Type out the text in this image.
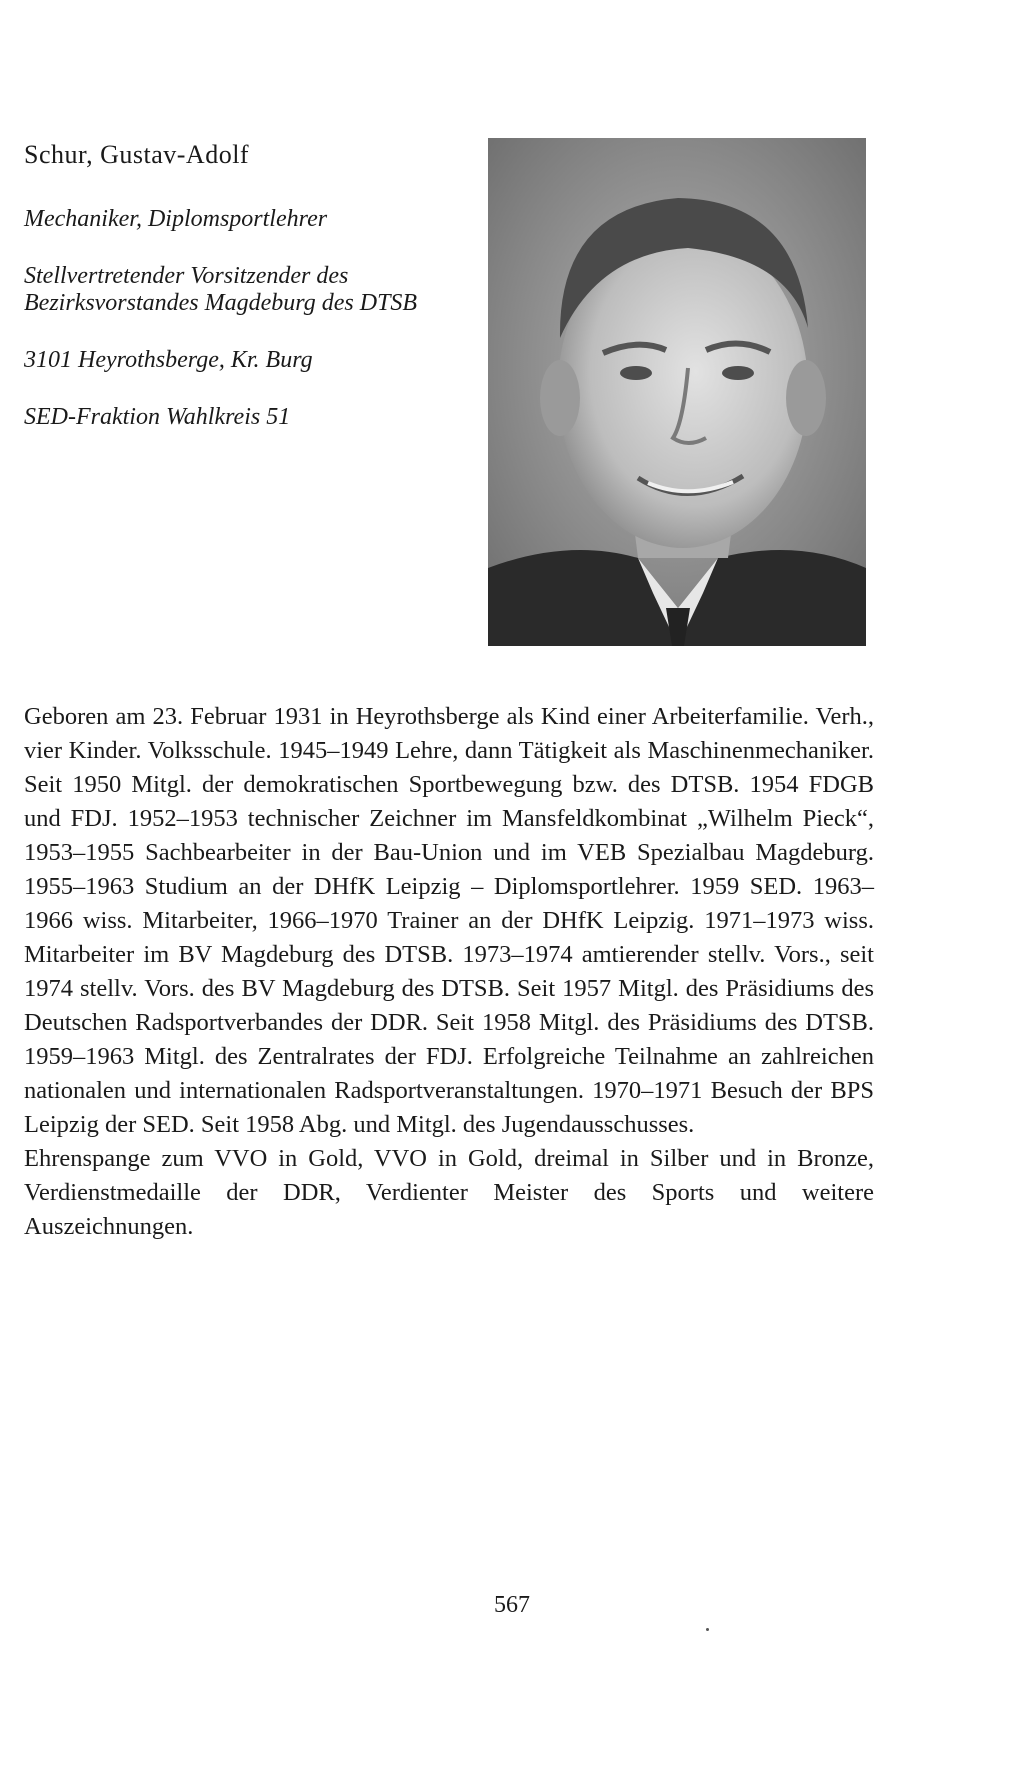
Schur, Gustav-Adolf
Mechaniker, Diplomsportlehrer
Stellvertretender Vorsitzender des Bezirksvorstandes Magdeburg des DTSB
3101 Heyrothsberge, Kr. Burg
SED-Fraktion Wahlkreis 51

Geboren am 23. Februar 1931 in Heyrothsberge als Kind einer Arbeiterfamilie. Verh., vier Kinder. Volksschule. 1945–1949 Lehre, dann Tätigkeit als Maschinenmechaniker. Seit 1950 Mitgl. der demokratischen Sportbewegung bzw. des DTSB. 1954 FDGB und FDJ. 1952–1953 technischer Zeichner im Mansfeldkombinat „Wilhelm Pieck“, 1953–1955 Sachbearbeiter in der Bau-Union und im VEB Spezialbau Magdeburg. 1955–1963 Studium an der DHfK Leipzig – Diplomsportlehrer. 1959 SED. 1963–1966 wiss. Mitarbeiter, 1966–1970 Trainer an der DHfK Leipzig. 1971–1973 wiss. Mitarbeiter im BV Magdeburg des DTSB. 1973–1974 amtierender stellv. Vors., seit 1974 stellv. Vors. des BV Magdeburg des DTSB. Seit 1957 Mitgl. des Präsidiums des Deutschen Radsportverbandes der DDR. Seit 1958 Mitgl. des Präsidiums des DTSB. 1959–1963 Mitgl. des Zentralrates der FDJ. Erfolgreiche Teilnahme an zahlreichen nationalen und internationalen Radsportveranstaltungen. 1970–1971 Besuch der BPS Leipzig der SED. Seit 1958 Abg. und Mitgl. des Jugendausschusses.

Ehrenspange zum VVO in Gold, VVO in Gold, dreimal in Silber und in Bronze, Verdienstmedaille der DDR, Verdienter Meister des Sports und weitere Auszeichnungen.

567
